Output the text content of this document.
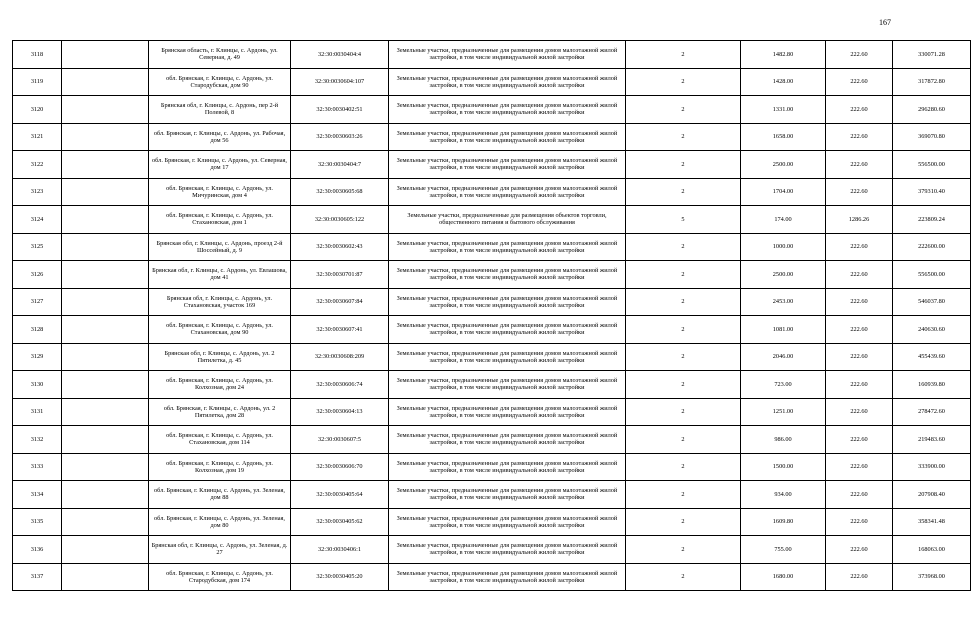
167
3118		Брянская область, г. Клинцы, с. Ардонь, ул. Северная, д. 49	32:30:0030404:4	Земельные участки, предназначенные для размещения домов малоэтажной жилой застройки, в том числе индивидуальной жилой застройки	2	1482.80	222.60	330071.28
3119		обл. Брянская, г. Клинцы, с. Ардонь, ул. Стародубская, дом 90	32:30:0030604:107	Земельные участки, предназначенные для размещения домов малоэтажной жилой застройки, в том числе индивидуальной жилой застройки	2	1428.00	222.60	317872.80
3120		Брянская обл, г. Клинцы, с. Ардонь, пер 2-й Полевой, 8	32:30:0030402:51	Земельные участки, предназначенные для размещения домов малоэтажной жилой застройки, в том числе индивидуальной жилой застройки	2	1331.00	222.60	296280.60
3121		обл. Брянская, г. Клинцы, с. Ардонь, ул. Рабочая, дом 56	32:30:0030603:26	Земельные участки, предназначенные для размещения домов малоэтажной жилой застройки, в том числе индивидуальной жилой застройки	2	1658.00	222.60	369070.80
3122		обл. Брянская, г. Клинцы, с. Ардонь, ул. Северная, дом 17	32:30:0030404:7	Земельные участки, предназначенные для размещения домов малоэтажной жилой застройки, в том числе индивидуальной жилой застройки	2	2500.00	222.60	556500.00
3123		обл. Брянская, г. Клинцы, с. Ардонь, ул. Мичуринская, дом 4	32:30:0030605:68	Земельные участки, предназначенные для размещения домов малоэтажной жилой застройки, в том числе индивидуальной жилой застройки	2	1704.00	222.60	379310.40
3124		обл. Брянская, г. Клинцы, с. Ардонь, ул. Стахановская, дом 1	32:30:0030605:122	Земельные участки, предназначенные для размещения объектов торговли, общественного питания и бытового обслуживания	5	174.00	1286.26	223809.24
3125		Брянская обл, г. Клинцы, с. Ардонь, проезд 2-й Шоссейный, д. 9	32:30:0030602:43	Земельные участки, предназначенные для размещения домов малоэтажной жилой застройки, в том числе индивидуальной жилой застройки	2	1000.00	222.60	222600.00
3126		Брянская обл, г. Клинцы, с. Ардонь, ул. Евлашова, дом 41	32:30:0030701:87	Земельные участки, предназначенные для размещения домов малоэтажной жилой застройки, в том числе индивидуальной жилой застройки	2	2500.00	222.60	556500.00
3127		Брянская обл, г. Клинцы, с. Ардонь, ул. Стахановская, участок 169	32:30:0030607:84	Земельные участки, предназначенные для размещения домов малоэтажной жилой застройки, в том числе индивидуальной жилой застройки	2	2453.00	222.60	546037.80
3128		обл. Брянская, г. Клинцы, с. Ардонь, ул. Стахановская, дом 90	32:30:0030607:41	Земельные участки, предназначенные для размещения домов малоэтажной жилой застройки, в том числе индивидуальной жилой застройки	2	1081.00	222.60	240630.60
3129		Брянская обл, г. Клинцы, с. Ардонь, ул. 2 Пятилетка, д. 45	32:30:0030608:209	Земельные участки, предназначенные для размещения домов малоэтажной жилой застройки, в том числе индивидуальной жилой застройки	2	2046.00	222.60	455439.60
3130		обл. Брянская, г. Клинцы, с. Ардонь, ул. Колхозная, дом 24	32:30:0030606:74	Земельные участки, предназначенные для размещения домов малоэтажной жилой застройки, в том числе индивидуальной жилой застройки	2	723.00	222.60	160939.80
3131		обл. Брянская, г. Клинцы, с. Ардонь, ул. 2 Пятилетка, дом 28	32:30:0030604:13	Земельные участки, предназначенные для размещения домов малоэтажной жилой застройки, в том числе индивидуальной жилой застройки	2	1251.00	222.60	278472.60
3132		обл. Брянская, г. Клинцы, с. Ардонь, ул. Стахановская, дом 114	32:30:0030607:5	Земельные участки, предназначенные для размещения домов малоэтажной жилой застройки, в том числе индивидуальной жилой застройки	2	986.00	222.60	219483.60
3133		обл. Брянская, г. Клинцы, с. Ардонь, ул. Колхозная, дом 19	32:30:0030606:70	Земельные участки, предназначенные для размещения домов малоэтажной жилой застройки, в том числе индивидуальной жилой застройки	2	1500.00	222.60	333900.00
3134		обл. Брянская, г. Клинцы, с. Ардонь, ул. Зеленая, дом 88	32:30:0030405:64	Земельные участки, предназначенные для размещения домов малоэтажной жилой застройки, в том числе индивидуальной жилой застройки	2	934.00	222.60	207908.40
3135		обл. Брянская, г. Клинцы, с. Ардонь, ул. Зеленая, дом 80	32:30:0030405:62	Земельные участки, предназначенные для размещения домов малоэтажной жилой застройки, в том числе индивидуальной жилой застройки	2	1609.80	222.60	358341.48
3136		Брянская обл, г. Клинцы, с. Ардонь, ул. Зеленая, д. 27	32:30:0030406:1	Земельные участки, предназначенные для размещения домов малоэтажной жилой застройки, в том числе индивидуальной жилой застройки	2	755.00	222.60	168063.00
3137		обл. Брянская, г. Клинцы, с. Ардонь, ул. Стародубская, дом 174	32:30:0030405:20	Земельные участки, предназначенные для размещения домов малоэтажной жилой застройки, в том числе индивидуальной жилой застройки	2	1680.00	222.60	373968.00
